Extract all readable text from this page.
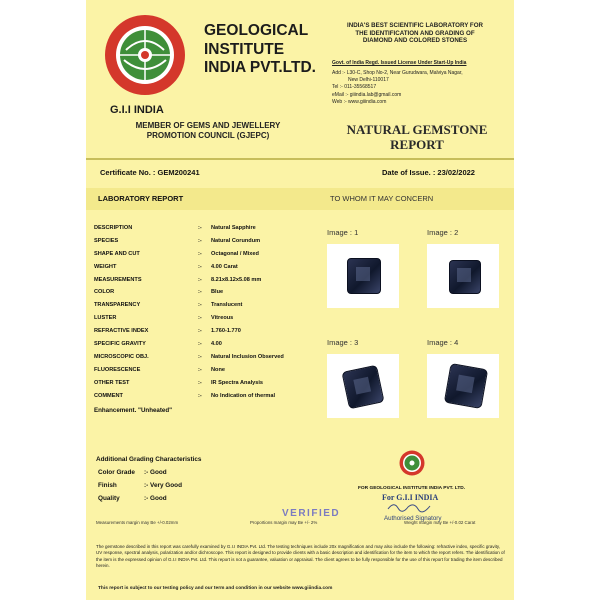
GEOLOGICAL
INSTITUTE
INDIA PVT.LTD.
G.I.I INDIA
MEMBER OF GEMS AND JEWELLERY
PROMOTION COUNCIL (GJEPC)
INDIA'S BEST SCIENTIFIC LABORATORY FOR
THE IDENTIFICATION AND GRADING OF
DIAMOND AND COLORED STONES
Govt. of India Regd. Issued License Under Start-Up India
Add :- L30-C, Shop No-2, Near Gurudwara, Malviya Nagar,
New Delhi-110017
Tel :- 011-35568517
eMail :- giiindia.lab@gmail.com
Web :- www.giiindia.com
NATURAL GEMSTONE
REPORT
Certificate No. : GEM200241	Date of Issue. : 23/02/2022
LABORATORY REPORT	TO WHOM IT MAY CONCERN
DESCRIPTION	:- Natural Sapphire
SPECIES	:- Natural Corundum
SHAPE AND CUT	:- Octagonal / Mixed
WEIGHT	:- 4.00 Carat
MEASUREMENTS	:- 8.21x8.12x5.08 mm
COLOR	:- Blue
TRANSPARENCY	:- Translucent
LUSTER	:- Vitreous
REFRACTIVE INDEX	:- 1.760-1.770
SPECIFIC GRAVITY	:- 4.00
MICROSCOPIC OBJ.	:- Natural Inclusion Observed
FLUORESCENCE	:- None
OTHER TEST	:- IR Spectra Analysis
COMMENT	:- No Indication of thermal
Enhancement. "Unheated"
Image : 1	Image : 2
Image : 3	Image : 4
Additional Grading Characteristics
Color Grade :- Good
Finish	:- Very Good
Quality	:- Good
FOR GEOLOGICAL INSTITUTE INDIA PVT. LTD.
For G.I.I INDIA
Authorised Signatory
VERIFIED
Measurements margin may Be +/-0.02mm	Proportions margin may Be +/- 2%	Weight margin may Be +/-0.02 Carat
The gemstone described in this report was carefully examined by G.I.I INDIA Pvt. Ltd. The testing techniques include 20x magnification and may also include the following: refractive index, specific gravity, UV response, spectral analysis, polarization and/or dichroscope. This report is designed to provide clients with a basic description and identification for the item to which the report refers. The identification of the item is the expressed opinion of G.I.I INDIA Pvt. Ltd. This report is not a guarantee, valuation or appraisal. The client agrees to be fully responsible for the use of this report for trading the item described herein.
This report is subject to our testing policy and our term and condition in our website www.giiindia.com
